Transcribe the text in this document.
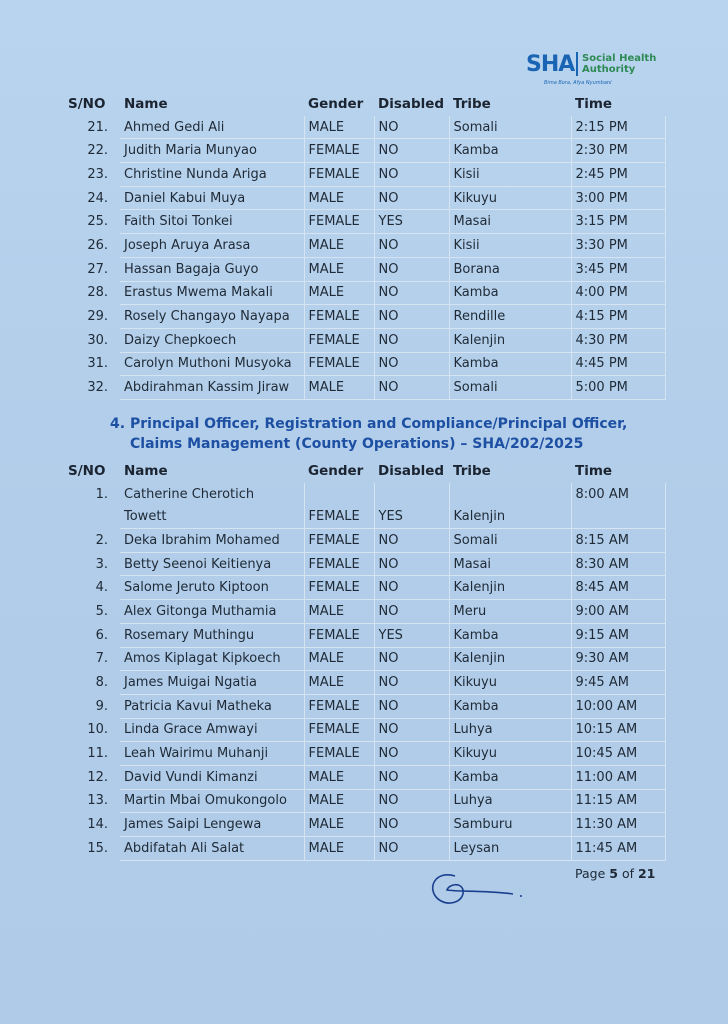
SHA Social Health
Authority
Bima Bora, Afya Nyumbani
S/NO	Name	Gender	Disabled	Tribe	Time
21.	Ahmed Gedi Ali	MALE	NO	Somali	2:15 PM
22.	Judith Maria Munyao	FEMALE	NO	Kamba	2:30 PM
23.	Christine Nunda Ariga	FEMALE	NO	Kisii	2:45 PM
24.	Daniel Kabui Muya	MALE	NO	Kikuyu	3:00 PM
25.	Faith Sitoi Tonkei	FEMALE	YES	Masai	3:15 PM
26.	Joseph Aruya Arasa	MALE	NO	Kisii	3:30 PM
27.	Hassan Bagaja Guyo	MALE	NO	Borana	3:45 PM
28.	Erastus Mwema Makali	MALE	NO	Kamba	4:00 PM
29.	Rosely Changayo Nayapa	FEMALE	NO	Rendille	4:15 PM
30.	Daizy Chepkoech	FEMALE	NO	Kalenjin	4:30 PM
31.	Carolyn Muthoni Musyoka	FEMALE	NO	Kamba	4:45 PM
32.	Abdirahman Kassim Jiraw	MALE	NO	Somali	5:00 PM
4. Principal Officer, Registration and Compliance/Principal Officer, Claims Management (County Operations) – SHA/202/2025
S/NO	Name	Gender	Disabled	Tribe	Time
1.	Catherine Cherotich				8:00 AM
	Towett	FEMALE	YES	Kalenjin	
2.	Deka Ibrahim Mohamed	FEMALE	NO	Somali	8:15 AM
3.	Betty Seenoi Keitienya	FEMALE	NO	Masai	8:30 AM
4.	Salome Jeruto Kiptoon	FEMALE	NO	Kalenjin	8:45 AM
5.	Alex Gitonga Muthamia	MALE	NO	Meru	9:00 AM
6.	Rosemary Muthingu	FEMALE	YES	Kamba	9:15 AM
7.	Amos Kiplagat Kipkoech	MALE	NO	Kalenjin	9:30 AM
8.	James Muigai Ngatia	MALE	NO	Kikuyu	9:45 AM
9.	Patricia Kavui Matheka	FEMALE	NO	Kamba	10:00 AM
10.	Linda Grace Amwayi	FEMALE	NO	Luhya	10:15 AM
11.	Leah Wairimu Muhanji	FEMALE	NO	Kikuyu	10:45 AM
12.	David Vundi Kimanzi	MALE	NO	Kamba	11:00 AM
13.	Martin Mbai Omukongolo	MALE	NO	Luhya	11:15 AM
14.	James Saipi Lengewa	MALE	NO	Samburu	11:30 AM
15.	Abdifatah Ali Salat	MALE	NO	Leysan	11:45 AM
Page 5 of 21
